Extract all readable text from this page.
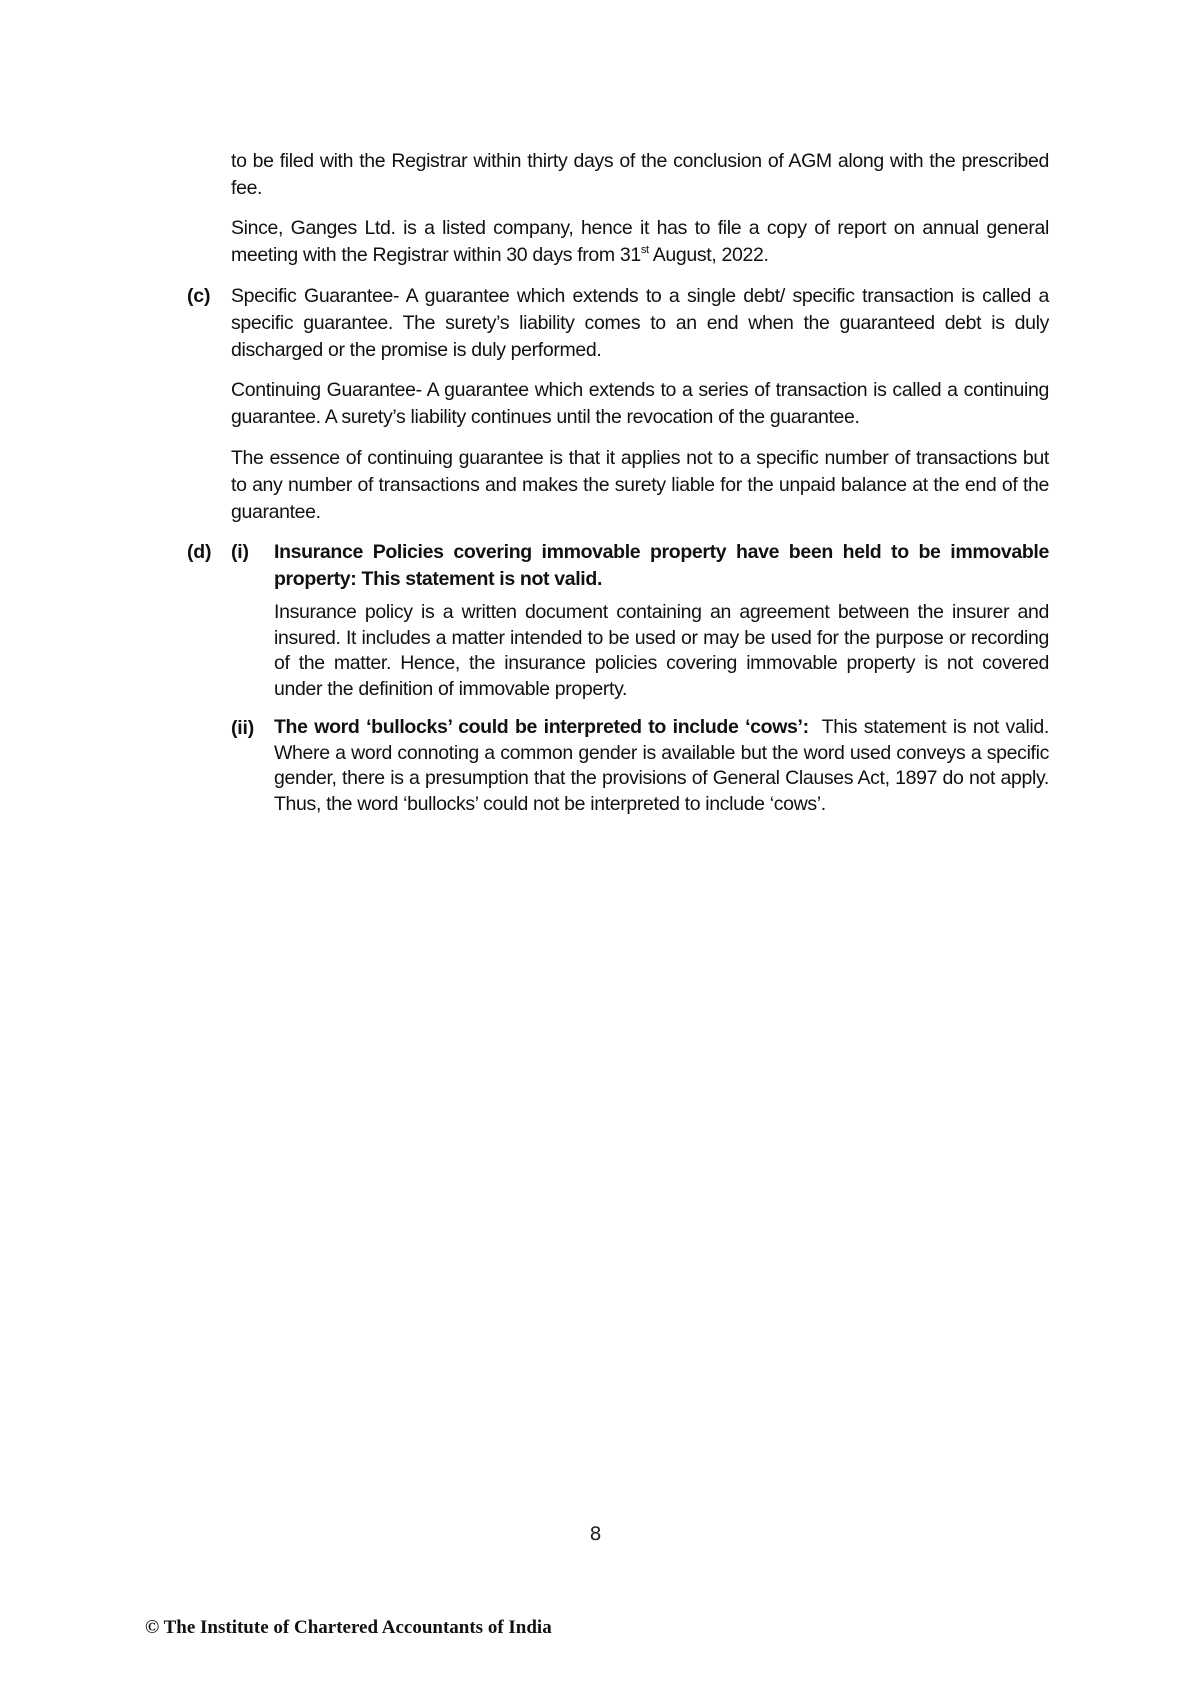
to be filed with the Registrar within thirty days of the conclusion of AGM along with the prescribed fee.
Since, Ganges Ltd. is a listed company, hence it has to file a copy of report on annual general meeting with the Registrar within 30 days from 31st August, 2022.
(c) Specific Guarantee- A guarantee which extends to a single debt/ specific transaction is called a specific guarantee. The surety’s liability comes to an end when the guaranteed debt is duly discharged or the promise is duly performed.
Continuing Guarantee- A guarantee which extends to a series of transaction is called a continuing guarantee. A surety’s liability continues until the revocation of the guarantee.
The essence of continuing guarantee is that it applies not to a specific number of transactions but to any number of transactions and makes the surety liable for the unpaid balance at the end of the guarantee.
(d) (i) Insurance Policies covering immovable property have been held to be immovable property: This statement is not valid.
Insurance policy is a written document containing an agreement between the insurer and insured. It includes a matter intended to be used or may be used for the purpose or recording of the matter. Hence, the insurance policies covering immovable property is not covered under the definition of immovable property.
(ii) The word ‘bullocks’ could be interpreted to include ‘cows’: This statement is not valid. Where a word connoting a common gender is available but the word used conveys a specific gender, there is a presumption that the provisions of General Clauses Act, 1897 do not apply. Thus, the word ‘bullocks’ could not be interpreted to include ‘cows’.
8
© The Institute of Chartered Accountants of India
